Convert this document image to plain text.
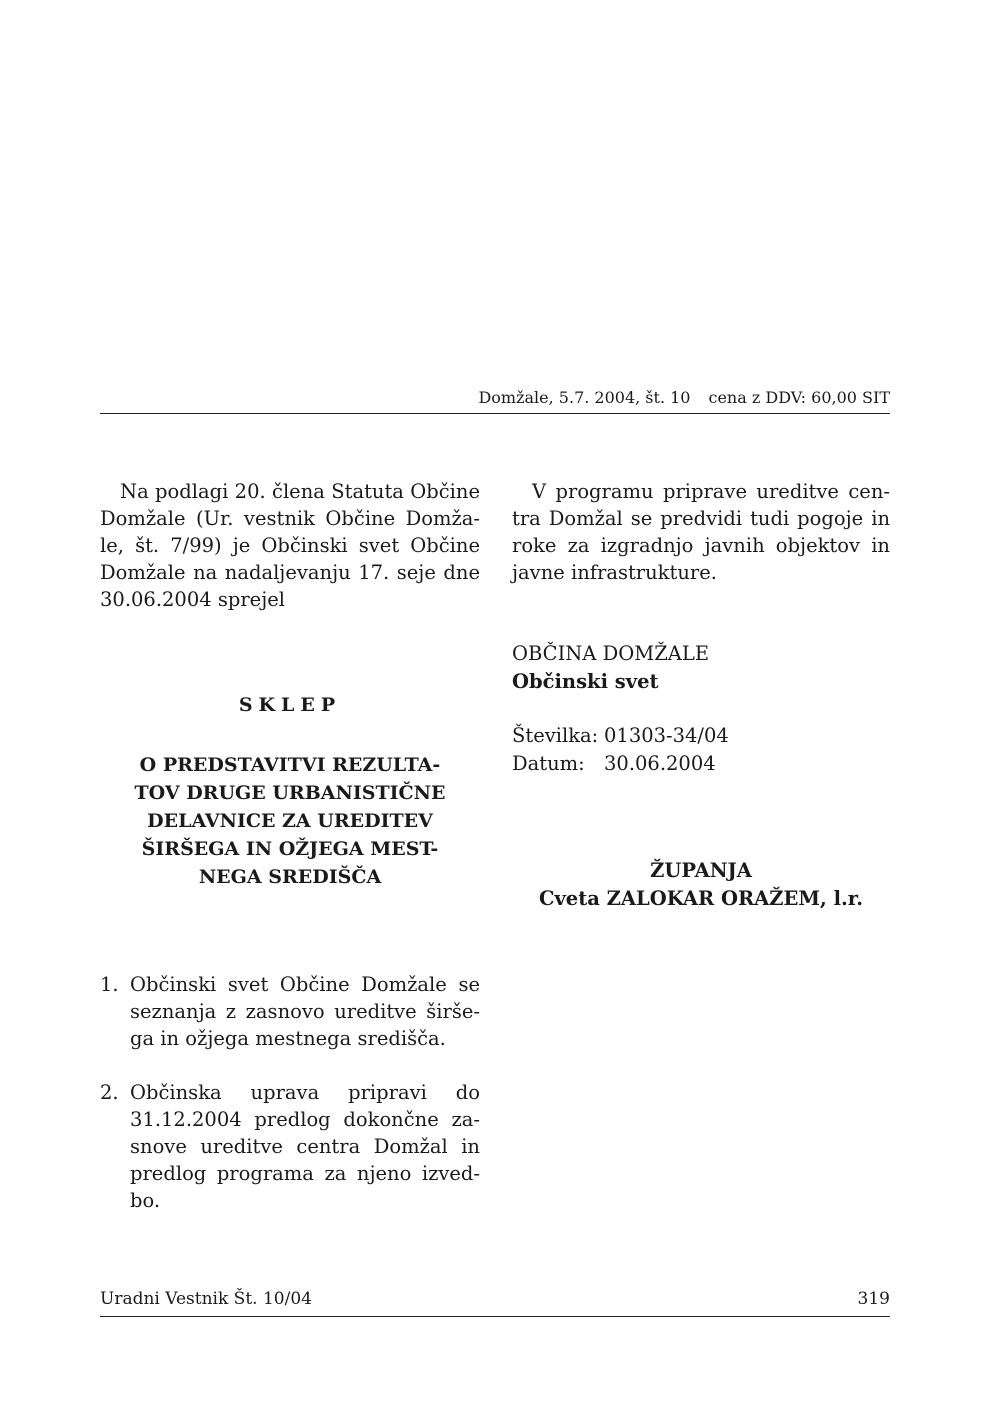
Domžale, 5.7. 2004, št. 10 cena z DDV: 60,00 SIT
Na podlagi 20. člena Statuta Občine
Domžale (Ur. vestnik Občine Domža-
le, št. 7/99) je Občinski svet Občine
Domžale na nadaljevanju 17. seje dne
30.06.2004 sprejel
SKLEP
O PREDSTAVITVI REZULTA-
TOV DRUGE URBANISTIČNE
DELAVNICE ZA UREDITEV
ŠIRŠEGA IN OŽJEGA MEST-
NEGA SREDIŠČA
1. Občinski svet Občine Domžale se
seznanja z zasnovo ureditve širše-
ga in ožjega mestnega središča.
2. Občinska uprava pripravi do
31.12.2004 predlog dokončne za-
snove ureditve centra Domžal in
predlog programa za njeno izved-
bo.
V programu priprave ureditve cen-
tra Domžal se predvidi tudi pogoje in
roke za izgradnjo javnih objektov in
javne infrastrukture.
OBČINA DOMŽALE
Občinski svet
Številka: 01303-34/04
Datum: 30.06.2004
ŽUPANJA
Cveta ZALOKAR ORAŽEM, l.r.
Uradni Vestnik Št. 10/04	319
